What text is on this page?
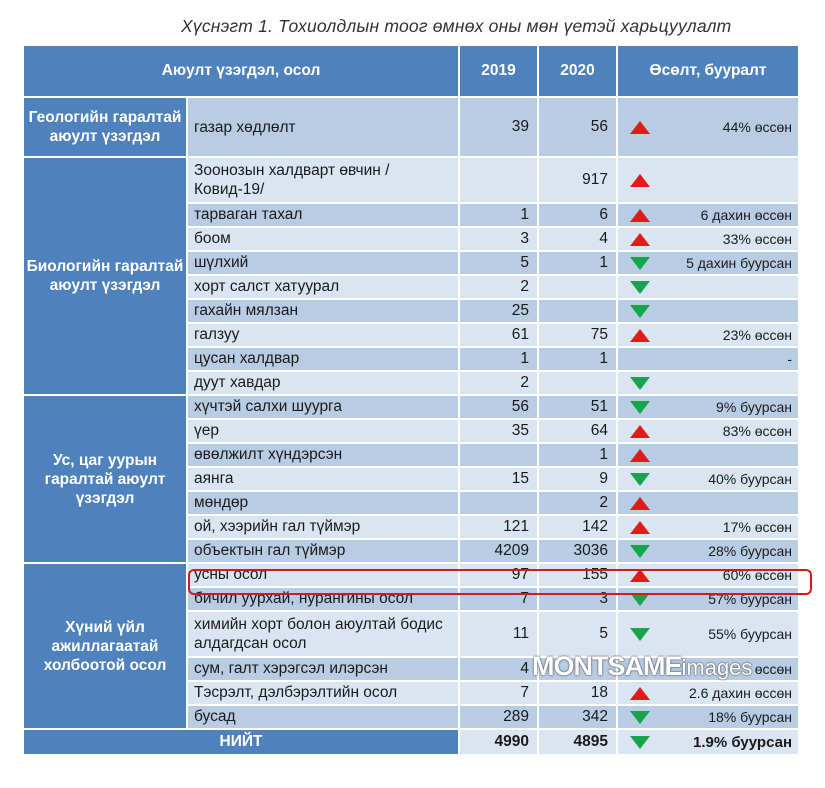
Хүснэгт 1. Тохиолдлын тоог өмнөх оны мөн үетэй харьцуулалт
Аюулт үзэгдэл, осол		2019	2020	Өсөлт, бууралт
Геологийн гаралтай аюулт үзэгдэл	газар хөдлөлт	39	56	44% өссөн

Биологийн гаралтай аюулт үзэгдэл	Зоонозын халдварт өвчин /Ковид-19/		917	

	тарваган тахал	1	6	6 дахин өссөн

	боом	3	4	33% өссөн

	шүлхий	5	1	5 дахин буурсан

	хорт салст хатуурал	2		

	гахайн мялзан	25		

	галзуу	61	75	23% өссөн

	цусан халдвар	1	1	-

	дуут хавдар	2		

Ус, цаг уурын гаралтай аюулт үзэгдэл	хүчтэй салхи шуурга	56	51	9% буурсан

	үер	35	64	83% өссөн

	өвөлжилт хүндэрсэн		1	

	аянга	15	9	40% буурсан

	мөндөр		2	

	ой, хээрийн гал түймэр	121	142	17% өссөн

	объектын гал түймэр	4209	3036	28% буурсан

Хүний үйл ажиллагаатай холбоотой осол	усны осол	97	155	60% өссөн

	бичил уурхай, нурангины осол	7	3	57% буурсан

	химийн хорт болон аюултай бодис алдагдсан осол	11	5	55% буурсан

	сум, галт хэрэгсэл илэрсэн	4		өссөн

	Тэсрэлт, дэлбэрэлтийн осол	7	18	2.6 дахин өссөн

	бусад	289	342	18% буурсан

НИЙТ		4990	4895	1.9% буурсан
MONTSAMEimages
